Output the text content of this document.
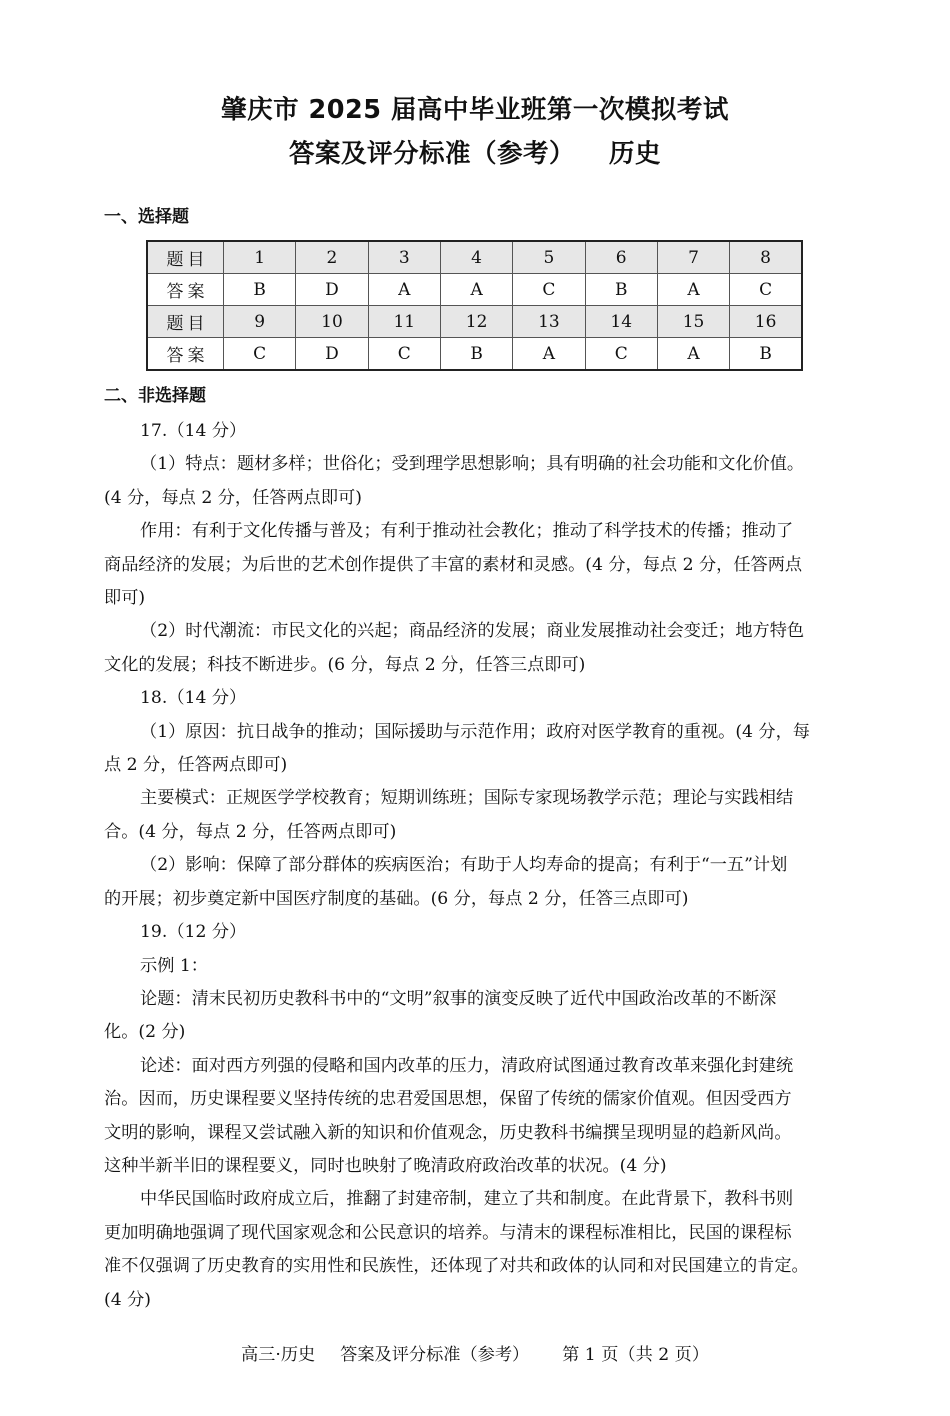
肇庆市 2025 届高中毕业班第一次模拟考试
答案及评分标准（参考） 历史
一、选择题
题目	1	2	3	4	5	6	7	8
答案	B	D	A	A	C	B	A	C
题目	9	10	11	12	13	14	15	16
答案	C	D	C	B	A	C	A	B
二、非选择题
17.（14 分）
（1）特点：题材多样；世俗化；受到理学思想影响；具有明确的社会功能和文化价值。
(4 分，每点 2 分，任答两点即可)
作用：有利于文化传播与普及；有利于推动社会教化；推动了科学技术的传播；推动了
商品经济的发展；为后世的艺术创作提供了丰富的素材和灵感。(4 分，每点 2 分，任答两点
即可)
（2）时代潮流：市民文化的兴起；商品经济的发展；商业发展推动社会变迁；地方特色
文化的发展；科技不断进步。(6 分，每点 2 分，任答三点即可)
18.（14 分）
（1）原因：抗日战争的推动；国际援助与示范作用；政府对医学教育的重视。(4 分，每
点 2 分，任答两点即可)
主要模式：正规医学学校教育；短期训练班；国际专家现场教学示范；理论与实践相结
合。(4 分，每点 2 分，任答两点即可)
（2）影响：保障了部分群体的疾病医治；有助于人均寿命的提高；有利于“一五”计划
的开展；初步奠定新中国医疗制度的基础。(6 分，每点 2 分，任答三点即可)
19.（12 分）
示例 1：
论题：清末民初历史教科书中的“文明”叙事的演变反映了近代中国政治改革的不断深
化。(2 分)
论述：面对西方列强的侵略和国内改革的压力，清政府试图通过教育改革来强化封建统
治。因而，历史课程要义坚持传统的忠君爱国思想，保留了传统的儒家价值观。但因受西方
文明的影响，课程又尝试融入新的知识和价值观念，历史教科书编撰呈现明显的趋新风尚。
这种半新半旧的课程要义，同时也映射了晚清政府政治改革的状况。(4 分)
中华民国临时政府成立后，推翻了封建帝制，建立了共和制度。在此背景下，教科书则
更加明确地强调了现代国家观念和公民意识的培养。与清末的课程标准相比，民国的课程标
准不仅强调了历史教育的实用性和民族性，还体现了对共和政体的认同和对民国建立的肯定。
(4 分)
高三·历史 答案及评分标准（参考） 第 1 页（共 2 页）
